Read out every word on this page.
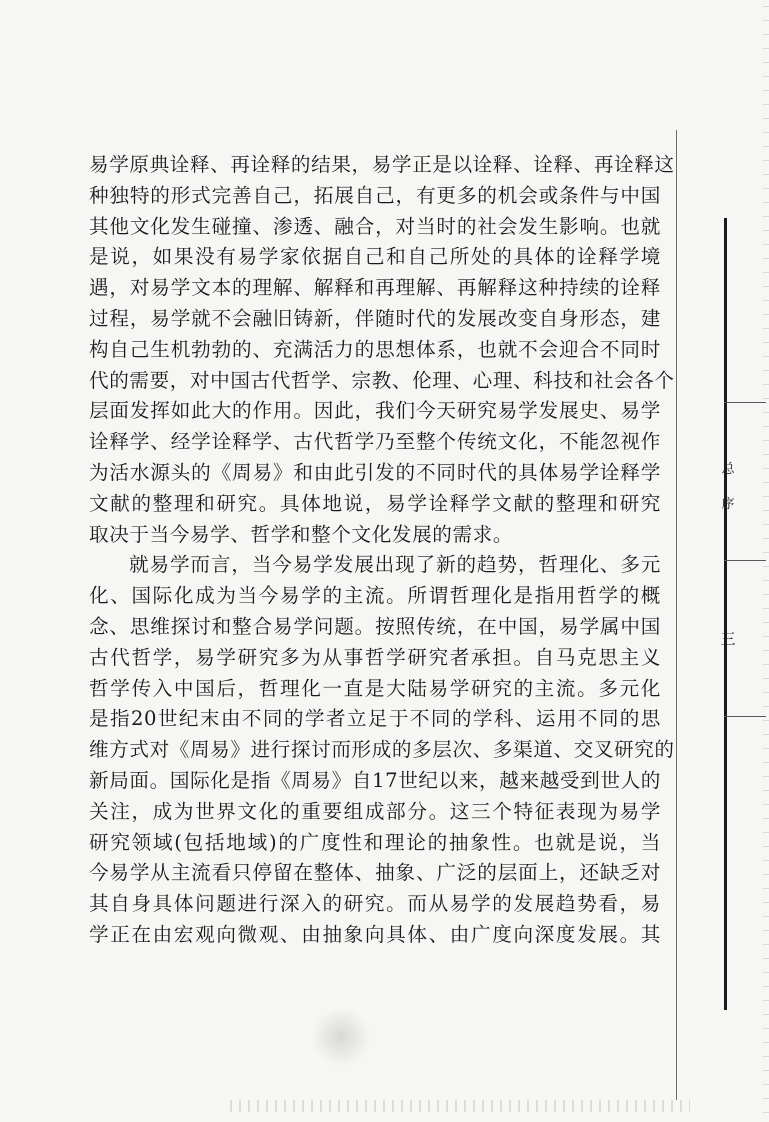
总
序
三
易学原典诠释、再诠释的结果，易学正是以诠释、诠释、再诠释这
种独特的形式完善自己，拓展自己，有更多的机会或条件与中国
其他文化发生碰撞、渗透、融合，对当时的社会发生影响。也就
是说，如果没有易学家依据自己和自己所处的具体的诠释学境
遇，对易学文本的理解、解释和再理解、再解释这种持续的诠释
过程，易学就不会融旧铸新，伴随时代的发展改变自身形态，建
构自己生机勃勃的、充满活力的思想体系，也就不会迎合不同时
代的需要，对中国古代哲学、宗教、伦理、心理、科技和社会各个
层面发挥如此大的作用。因此，我们今天研究易学发展史、易学
诠释学、经学诠释学、古代哲学乃至整个传统文化，不能忽视作
为活水源头的《周易》和由此引发的不同时代的具体易学诠释学
文献的整理和研究。具体地说，易学诠释学文献的整理和研究
取决于当今易学、哲学和整个文化发展的需求。
就易学而言，当今易学发展出现了新的趋势，哲理化、多元
化、国际化成为当今易学的主流。所谓哲理化是指用哲学的概
念、思维探讨和整合易学问题。按照传统，在中国，易学属中国
古代哲学，易学研究多为从事哲学研究者承担。自马克思主义
哲学传入中国后，哲理化一直是大陆易学研究的主流。多元化
是指20世纪末由不同的学者立足于不同的学科、运用不同的思
维方式对《周易》进行探讨而形成的多层次、多渠道、交叉研究的
新局面。国际化是指《周易》自17世纪以来，越来越受到世人的
关注，成为世界文化的重要组成部分。这三个特征表现为易学
研究领域(包括地域)的广度性和理论的抽象性。也就是说，当
今易学从主流看只停留在整体、抽象、广泛的层面上，还缺乏对
其自身具体问题进行深入的研究。而从易学的发展趋势看，易
学正在由宏观向微观、由抽象向具体、由广度向深度发展。其
